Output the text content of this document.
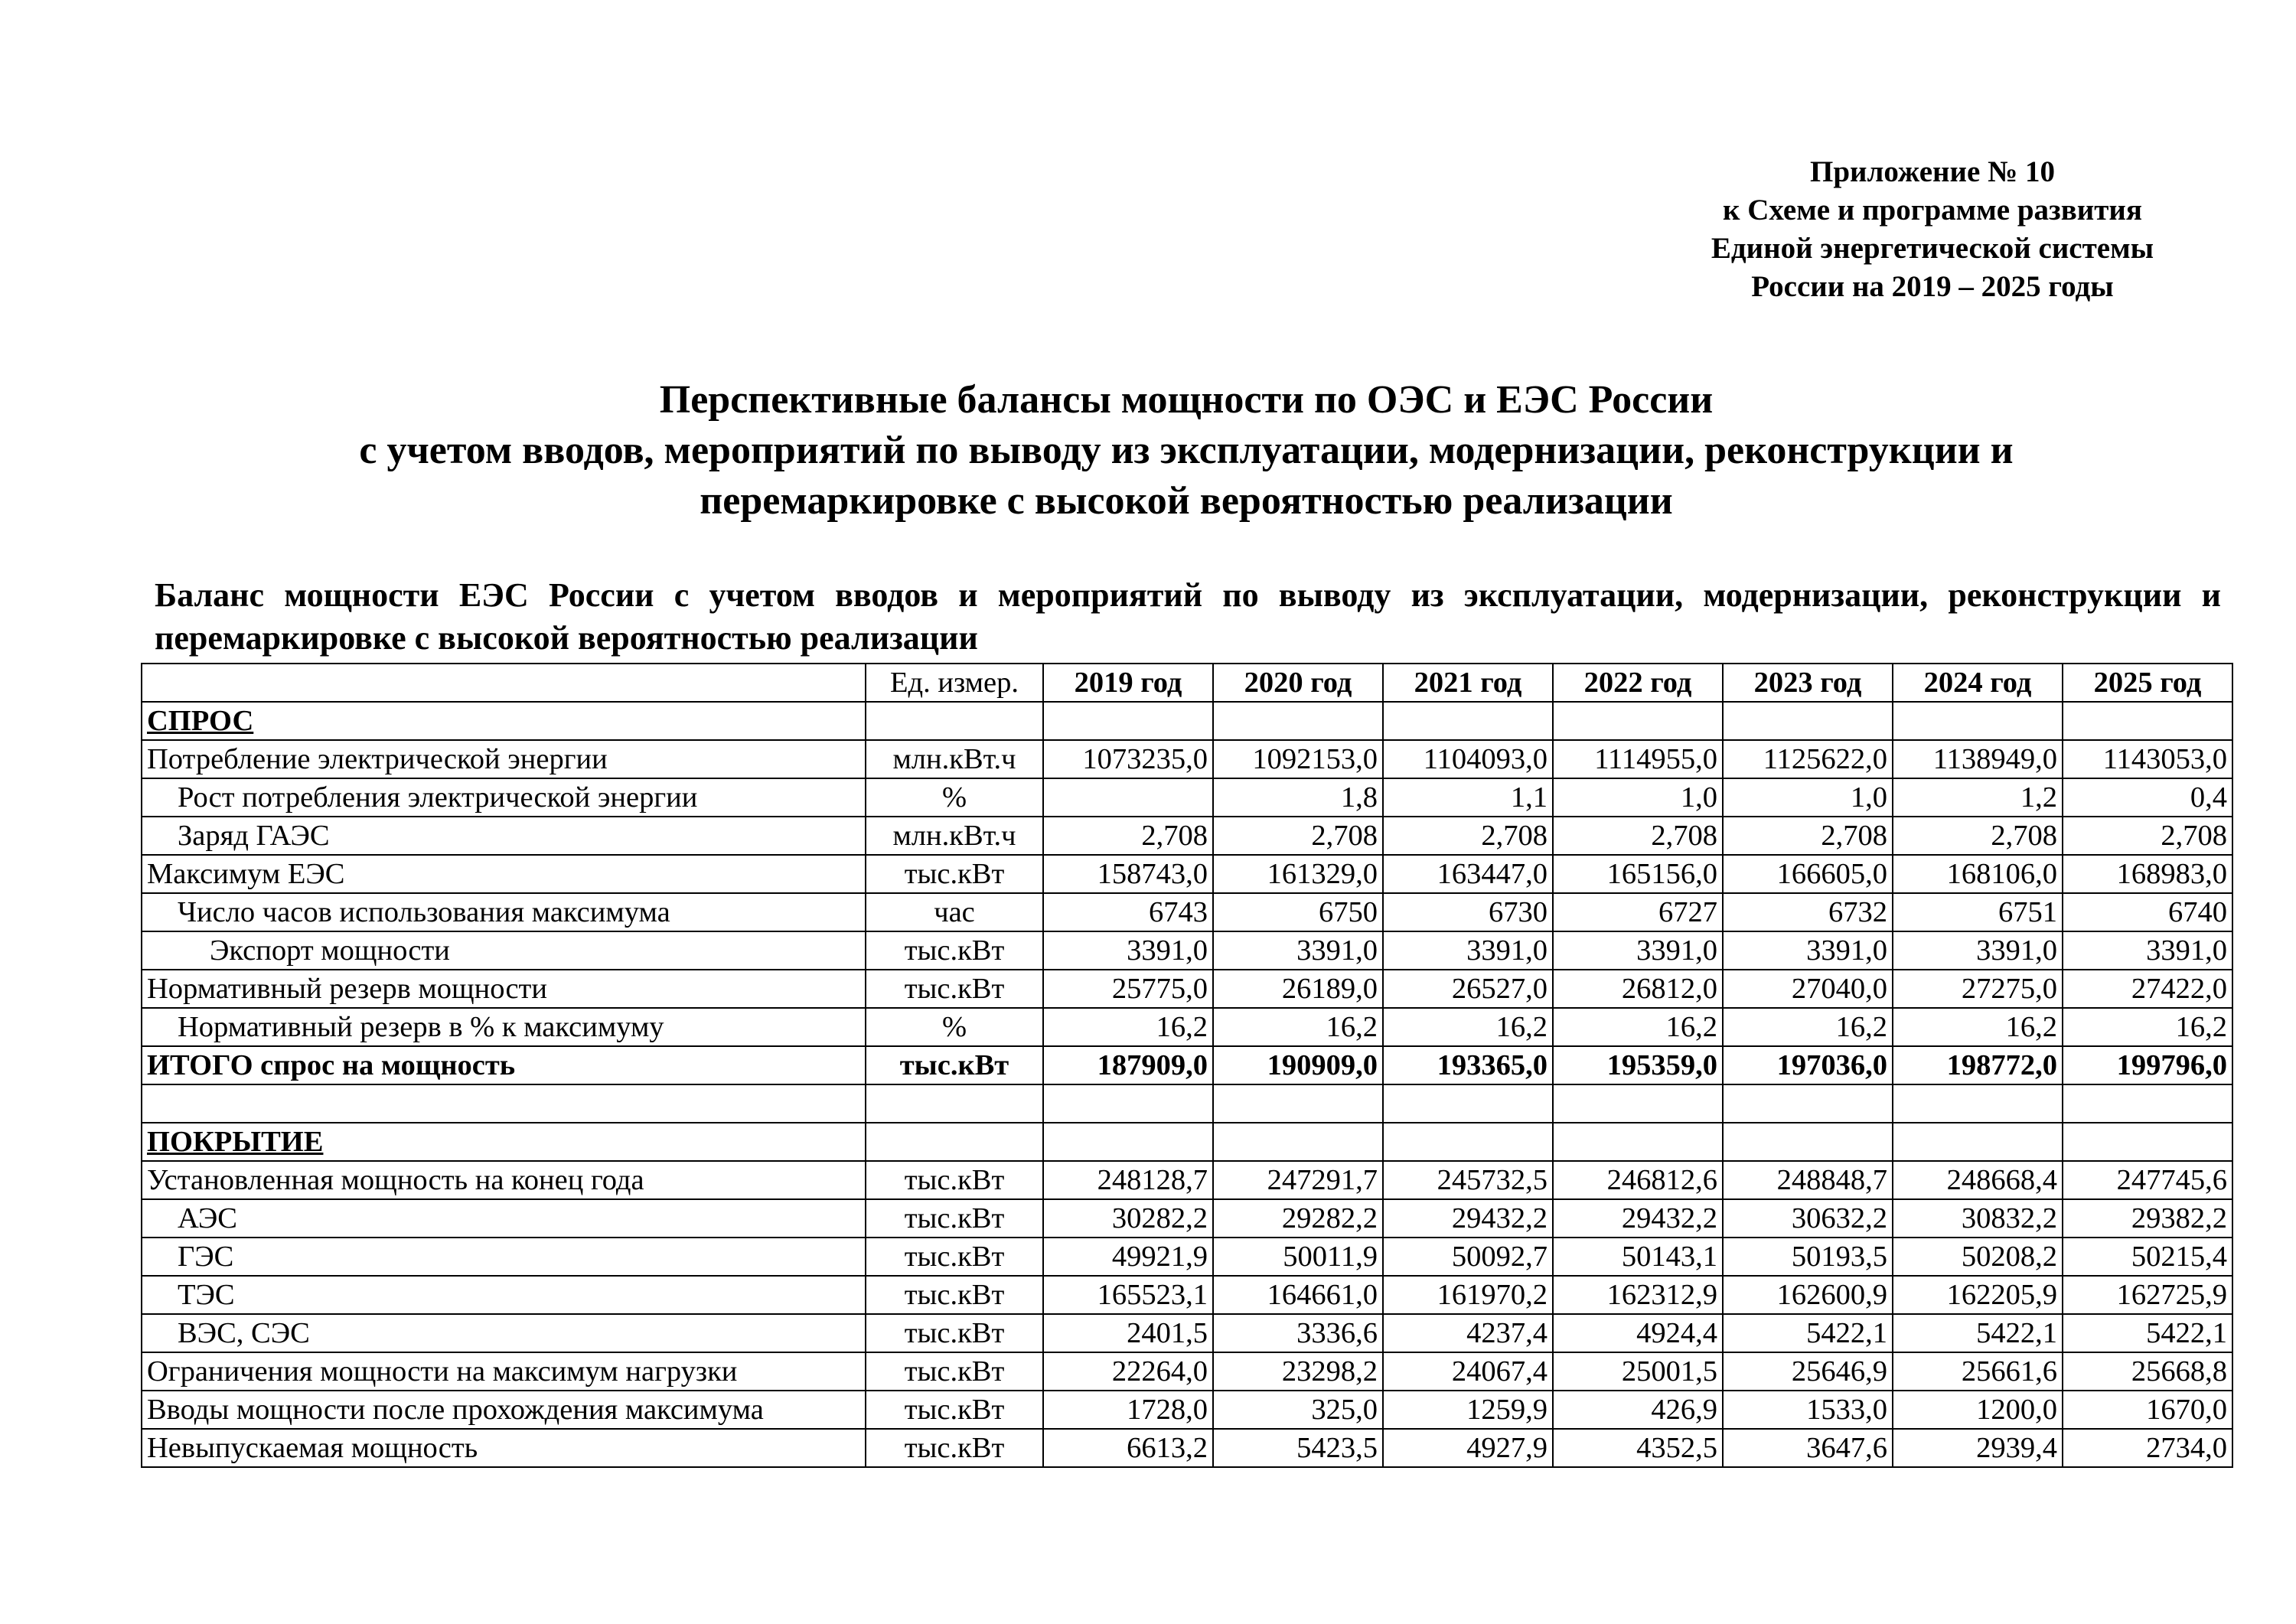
Приложение № 10
к Схеме и программе развития
Единой энергетической системы
России на 2019 – 2025 годы
Перспективные балансы мощности по ОЭС и ЕЭС России
с учетом вводов, мероприятий по выводу из эксплуатации, модернизации, реконструкции и
перемаркировке с высокой вероятностью реализации
Баланс мощности ЕЭС России с учетом вводов и мероприятий по выводу из эксплуатации, модернизации, реконструкции и перемаркировке с высокой вероятностью реализации
	Ед. измер.	2019 год	2020 год	2021 год	2022 год	2023 год	2024 год	2025 год
СПРОС								
Потребление электрической энергии	млн.кВт.ч	1073235,0	1092153,0	1104093,0	1114955,0	1125622,0	1138949,0	1143053,0
Рост потребления электрической энергии	%		1,8	1,1	1,0	1,0	1,2	0,4
Заряд ГАЭС	млн.кВт.ч	2,708	2,708	2,708	2,708	2,708	2,708	2,708
Максимум ЕЭС	тыс.кВт	158743,0	161329,0	163447,0	165156,0	166605,0	168106,0	168983,0
Число часов использования максимума	час	6743	6750	6730	6727	6732	6751	6740
Экспорт мощности	тыс.кВт	3391,0	3391,0	3391,0	3391,0	3391,0	3391,0	3391,0
Нормативный резерв мощности	тыс.кВт	25775,0	26189,0	26527,0	26812,0	27040,0	27275,0	27422,0
Нормативный резерв в % к максимуму	%	16,2	16,2	16,2	16,2	16,2	16,2	16,2
ИТОГО спрос на мощность	тыс.кВт	187909,0	190909,0	193365,0	195359,0	197036,0	198772,0	199796,0

ПОКРЫТИЕ								
Установленная мощность на конец года	тыс.кВт	248128,7	247291,7	245732,5	246812,6	248848,7	248668,4	247745,6
АЭС	тыс.кВт	30282,2	29282,2	29432,2	29432,2	30632,2	30832,2	29382,2
ГЭС	тыс.кВт	49921,9	50011,9	50092,7	50143,1	50193,5	50208,2	50215,4
ТЭС	тыс.кВт	165523,1	164661,0	161970,2	162312,9	162600,9	162205,9	162725,9
ВЭС, СЭС	тыс.кВт	2401,5	3336,6	4237,4	4924,4	5422,1	5422,1	5422,1
Ограничения мощности на максимум нагрузки	тыс.кВт	22264,0	23298,2	24067,4	25001,5	25646,9	25661,6	25668,8
Вводы мощности после прохождения максимума	тыс.кВт	1728,0	325,0	1259,9	426,9	1533,0	1200,0	1670,0
Невыпускаемая мощность	тыс.кВт	6613,2	5423,5	4927,9	4352,5	3647,6	2939,4	2734,0
